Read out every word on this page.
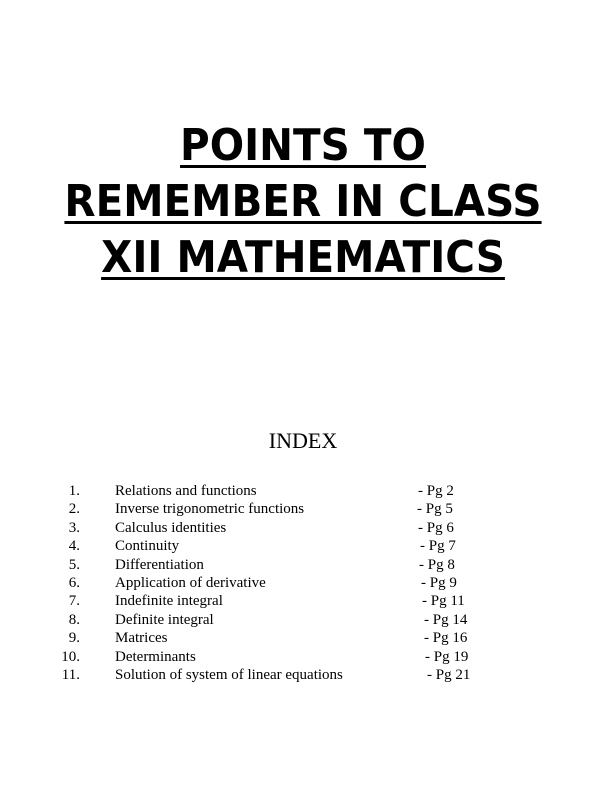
POINTS TO
REMEMBER IN CLASS
XII MATHEMATICS
INDEX
1. Relations and functions	- Pg 2
2. Inverse trigonometric functions	- Pg 5
3. Calculus identities	- Pg 6
4. Continuity	- Pg 7
5. Differentiation	- Pg 8
6. Application of derivative	- Pg 9
7. Indefinite integral	- Pg 11
8. Definite integral	- Pg 14
9. Matrices	- Pg 16
10. Determinants	- Pg 19
11. Solution of system of linear equations	- Pg 21
